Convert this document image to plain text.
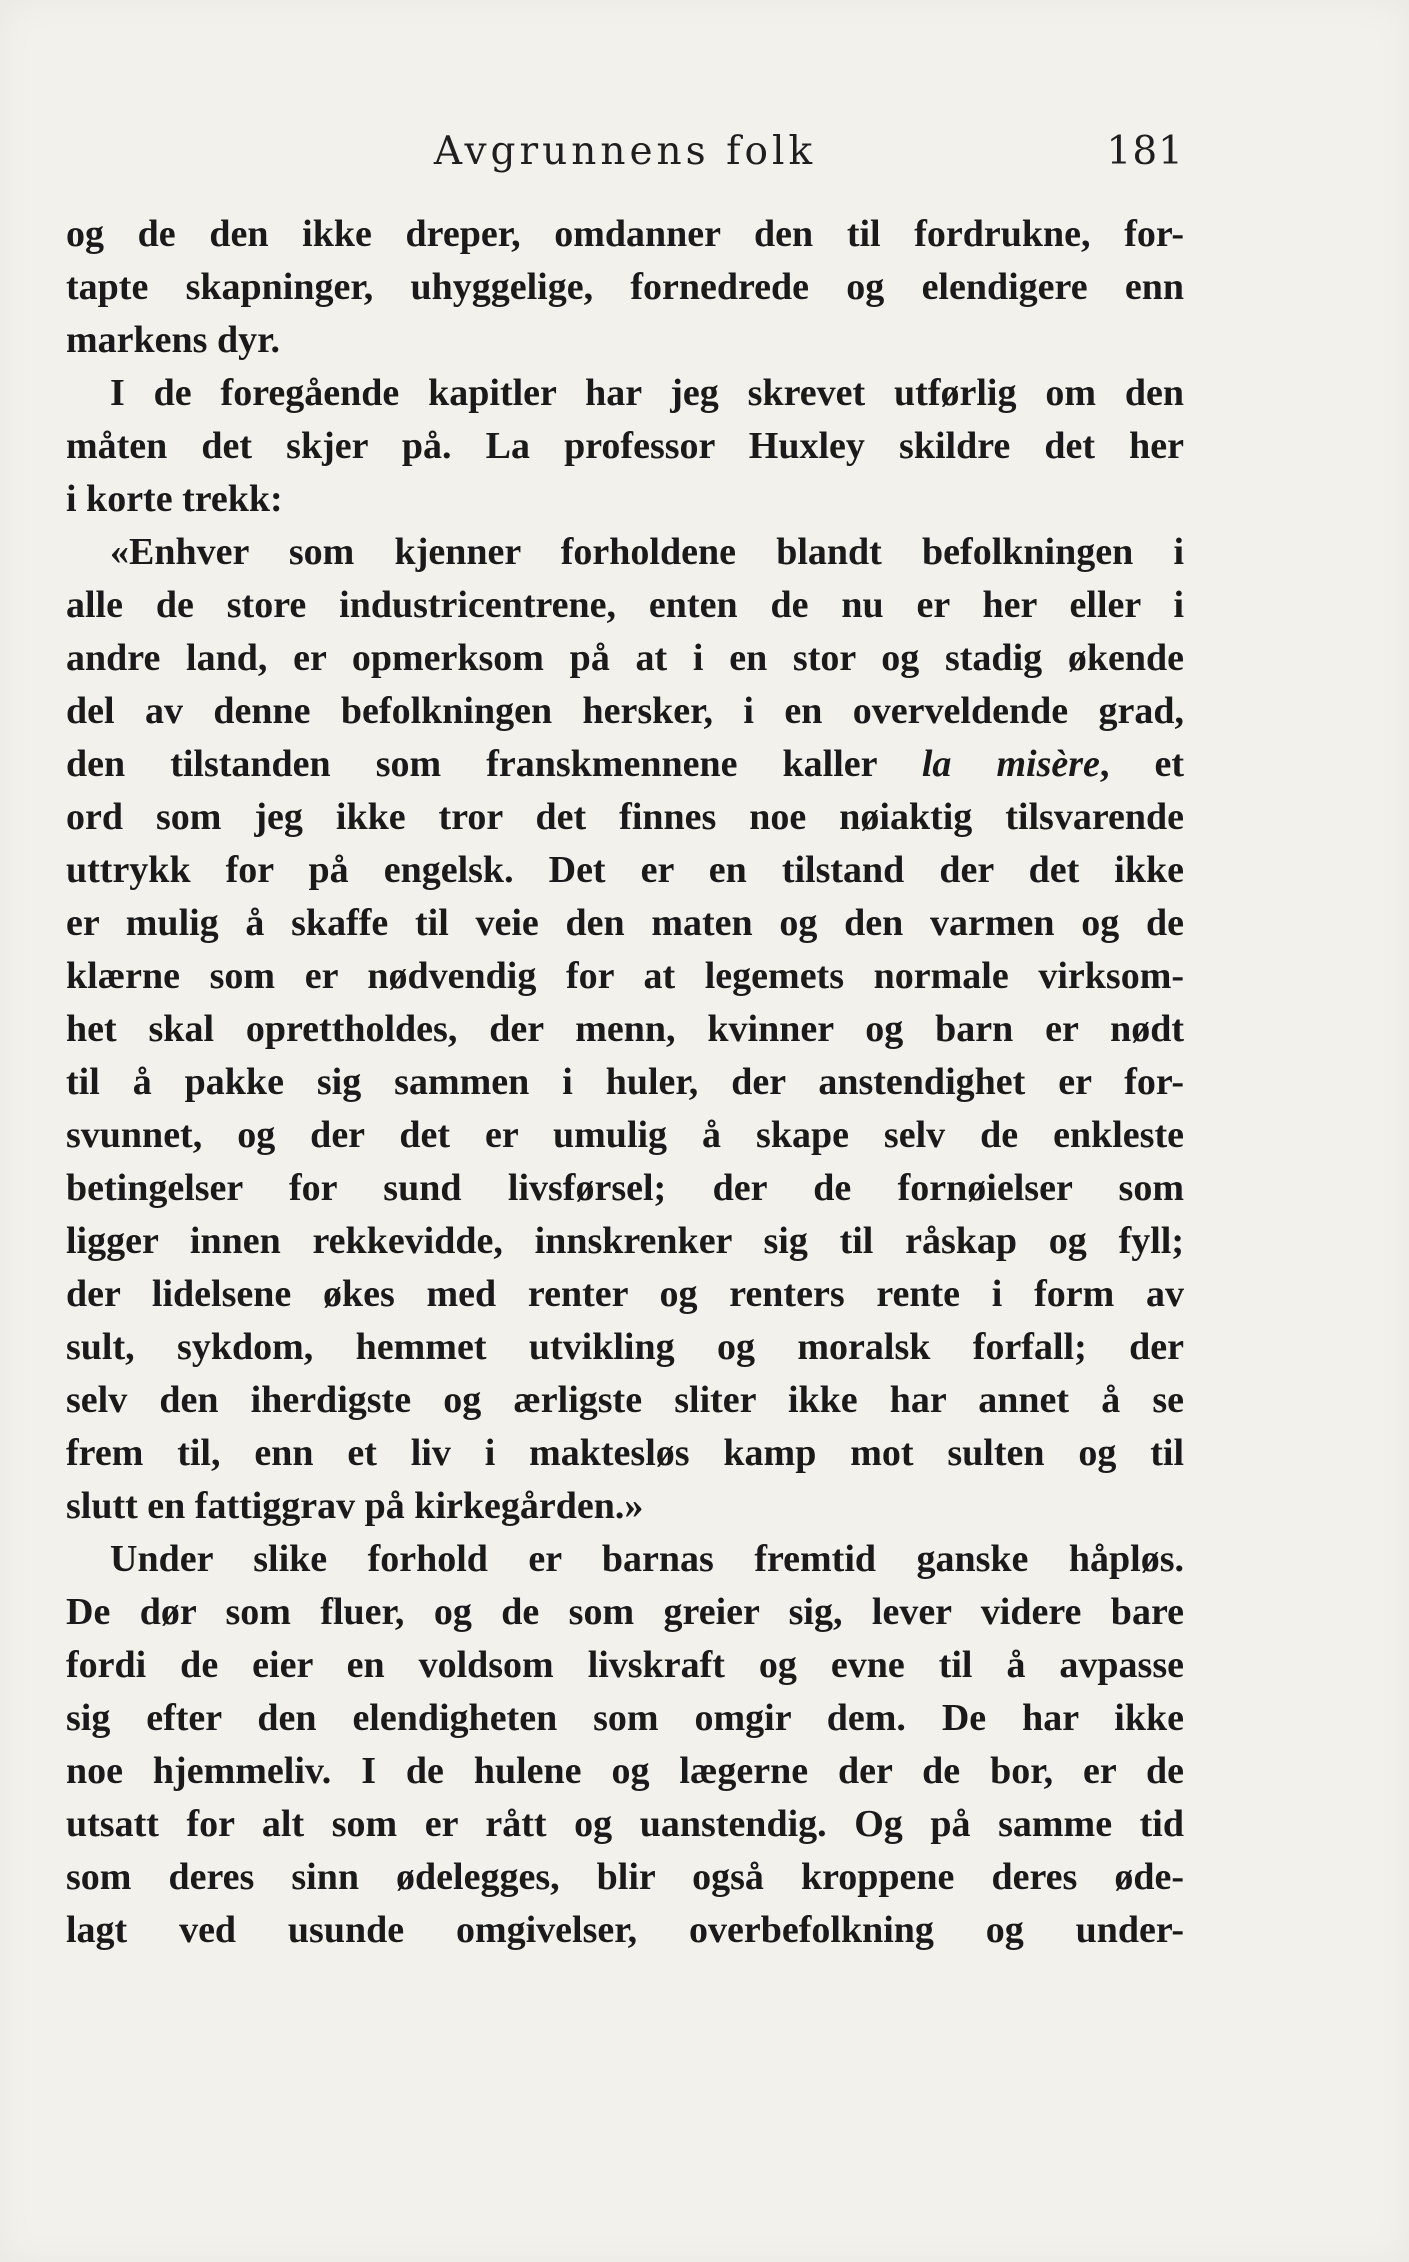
Avgrunnens folk	181
og de den ikke dreper, omdanner den til fordrukne, for-
tapte skapninger, uhyggelige, fornedrede og elendigere enn
markens dyr.
I de foregående kapitler har jeg skrevet utførlig om den
måten det skjer på. La professor Huxley skildre det her
i korte trekk:
«Enhver som kjenner forholdene blandt befolkningen i
alle de store industricentrene, enten de nu er her eller i
andre land, er opmerksom på at i en stor og stadig økende
del av denne befolkningen hersker, i en overveldende grad,
den tilstanden som franskmennene kaller la misère, et
ord som jeg ikke tror det finnes noe nøiaktig tilsvarende
uttrykk for på engelsk. Det er en tilstand der det ikke
er mulig å skaffe til veie den maten og den varmen og de
klærne som er nødvendig for at legemets normale virksom-
het skal oprettholdes, der menn, kvinner og barn er nødt
til å pakke sig sammen i huler, der anstendighet er for-
svunnet, og der det er umulig å skape selv de enkleste
betingelser for sund livsførsel; der de fornøielser som
ligger innen rekkevidde, innskrenker sig til råskap og fyll;
der lidelsene økes med renter og renters rente i form av
sult, sykdom, hemmet utvikling og moralsk forfall; der
selv den iherdigste og ærligste sliter ikke har annet å se
frem til, enn et liv i maktesløs kamp mot sulten og til
slutt en fattiggrav på kirkegården.»
Under slike forhold er barnas fremtid ganske håpløs.
De dør som fluer, og de som greier sig, lever videre bare
fordi de eier en voldsom livskraft og evne til å avpasse
sig efter den elendigheten som omgir dem. De har ikke
noe hjemmeliv. I de hulene og lægerne der de bor, er de
utsatt for alt som er rått og uanstendig. Og på samme tid
som deres sinn ødelegges, blir også kroppene deres øde-
lagt ved usunde omgivelser, overbefolkning og under-
